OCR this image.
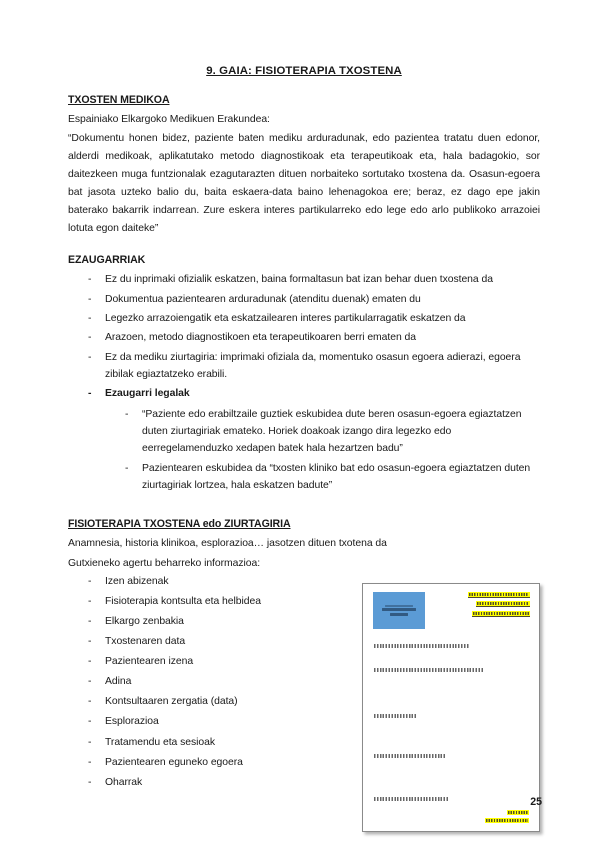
9. GAIA: FISIOTERAPIA TXOSTENA
TXOSTEN MEDIKOA

Espainiako Elkargoko Medikuen Erakundea:

“Dokumentu honen bidez, paziente baten mediku arduradunak, edo pazientea tratatu duen edonor, alderdi medikoak, aplikatutako metodo diagnostikoak eta terapeutikoak eta, hala badagokio, sor daitezkeen muga funtzionalak ezagutarazten dituen norbaiteko sortutako txostena da. Osasun-egoera bat jasota uzteko balio du, baita eskaera-data baino lehenagokoa ere; beraz, ez dago epe jakin baterako bakarrik indarrean. Zure eskera interes partikularreko edo lege edo arlo publikoko arrazoiei lotuta egon daiteke”

EZAUGARRIAK
- Ez du inprimaki ofizialik eskatzen, baina formaltasun bat izan behar duen txostena da
- Dokumentua pazientearen arduradunak (atenditu duenak) ematen du
- Legezko arrazoiengatik eta eskatzailearen interes partikularragatik eskatzen da
- Arazoen, metodo diagnostikoen eta terapeutikoaren berri ematen da
- Ez da mediku ziurtagiria: imprimaki ofiziala da, momentuko osasun egoera adierazi, egoera zibilak egiaztatzeko erabili.
- Ezaugarri legalak
- “Paziente edo erabiltzaile guztiek eskubidea dute beren osasun-egoera egiaztatzen duten ziurtagiriak emateko. Horiek doakoak izango dira legezko edo eerregelamenduzko xedapen batek hala hezartzen badu”
- Pazientearen eskubidea da “txosten kliniko bat edo osasun-egoera egiaztatzen duten ziurtagiriak lortzea, hala eskatzen badute”
FISIOTERAPIA TXOSTENA edo ZIURTAGIRIA

Anamnesia, historia klinikoa, esplorazioa… jasotzen dituen txotena da

Gutxieneko agertu beharreko informazioa:

- Izen abizenak
- Fisioterapia kontsulta eta helbidea
- Elkargo zenbakia
- Txostenaren data
- Pazientearen izena
- Adina
- Kontsultaaren zergatia (data)
- Esplorazioa
- Tratamendu eta sesioak
- Pazientearen eguneko egoera
- Oharrak
25
